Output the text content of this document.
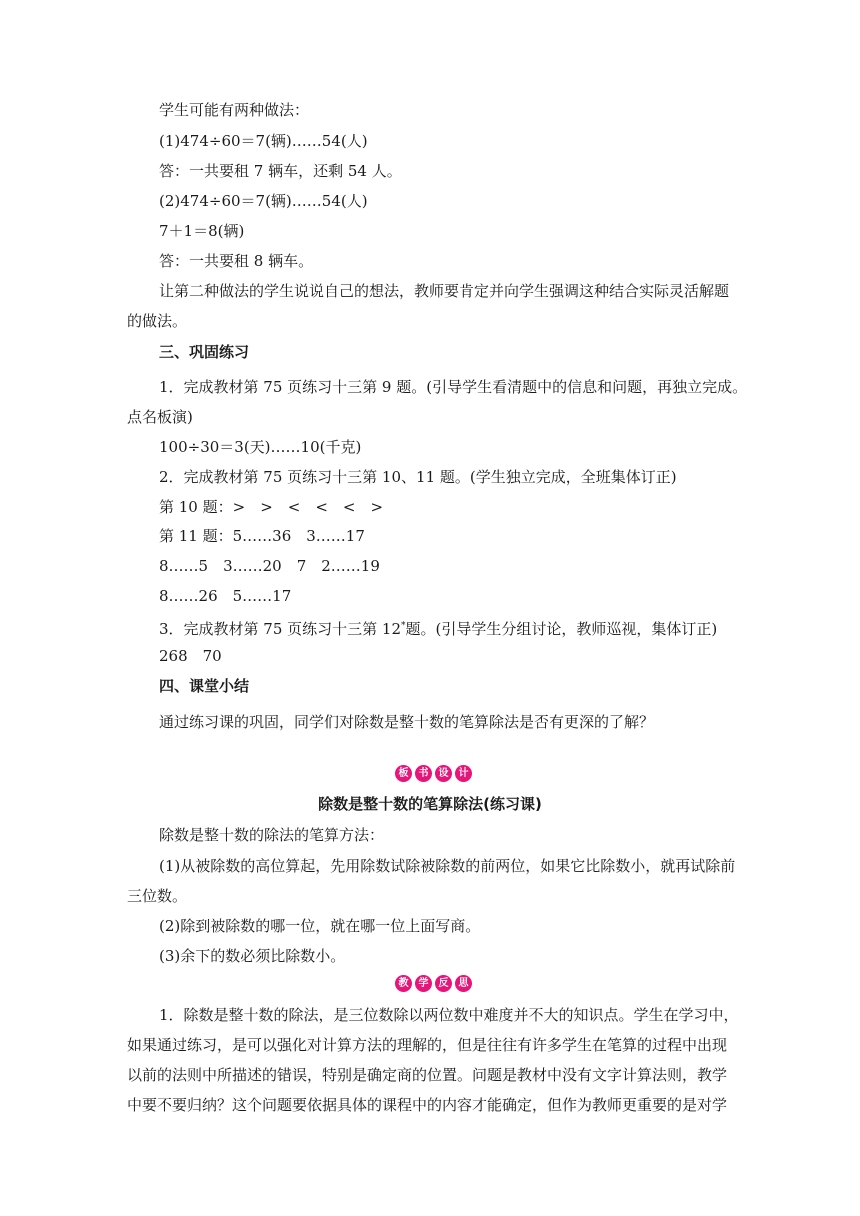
学生可能有两种做法：
(1)474÷60＝7(辆)……54(人)
答：一共要租 7 辆车，还剩 54 人。
(2)474÷60＝7(辆)……54(人)
7＋1＝8(辆)
答：一共要租 8 辆车。
让第二种做法的学生说说自己的想法，教师要肯定并向学生强调这种结合实际灵活解题
的做法。
三、巩固练习
1．完成教材第 75 页练习十三第 9 题。(引导学生看清题中的信息和问题，再独立完成。
点名板演)
100÷30＝3(天)……10(千克)
2．完成教材第 75 页练习十三第 10、11 题。(学生独立完成，全班集体订正)
第 10 题：>　>　<　<　<　>
第 11 题：5……36　3……17
8……5　3……20　7　2……19
8……26　5……17
3．完成教材第 75 页练习十三第 12*题。(引导学生分组讨论，教师巡视，集体订正)
268　70
四、课堂小结
通过练习课的巩固，同学们对除数是整十数的笔算除法是否有更深的了解？
板	书	设	计
除数是整十数的笔算除法(练习课)
除数是整十数的除法的笔算方法：
(1)从被除数的高位算起，先用除数试除被除数的前两位，如果它比除数小，就再试除前
三位数。
(2)除到被除数的哪一位，就在哪一位上面写商。
(3)余下的数必须比除数小。
教	学	反	思
1．除数是整十数的除法，是三位数除以两位数中难度并不大的知识点。学生在学习中，
如果通过练习，是可以强化对计算方法的理解的，但是往往有许多学生在笔算的过程中出现
以前的法则中所描述的错误，特别是确定商的位置。问题是教材中没有文字计算法则，教学
中要不要归纳？这个问题要依据具体的课程中的内容才能确定，但作为教师更重要的是对学
